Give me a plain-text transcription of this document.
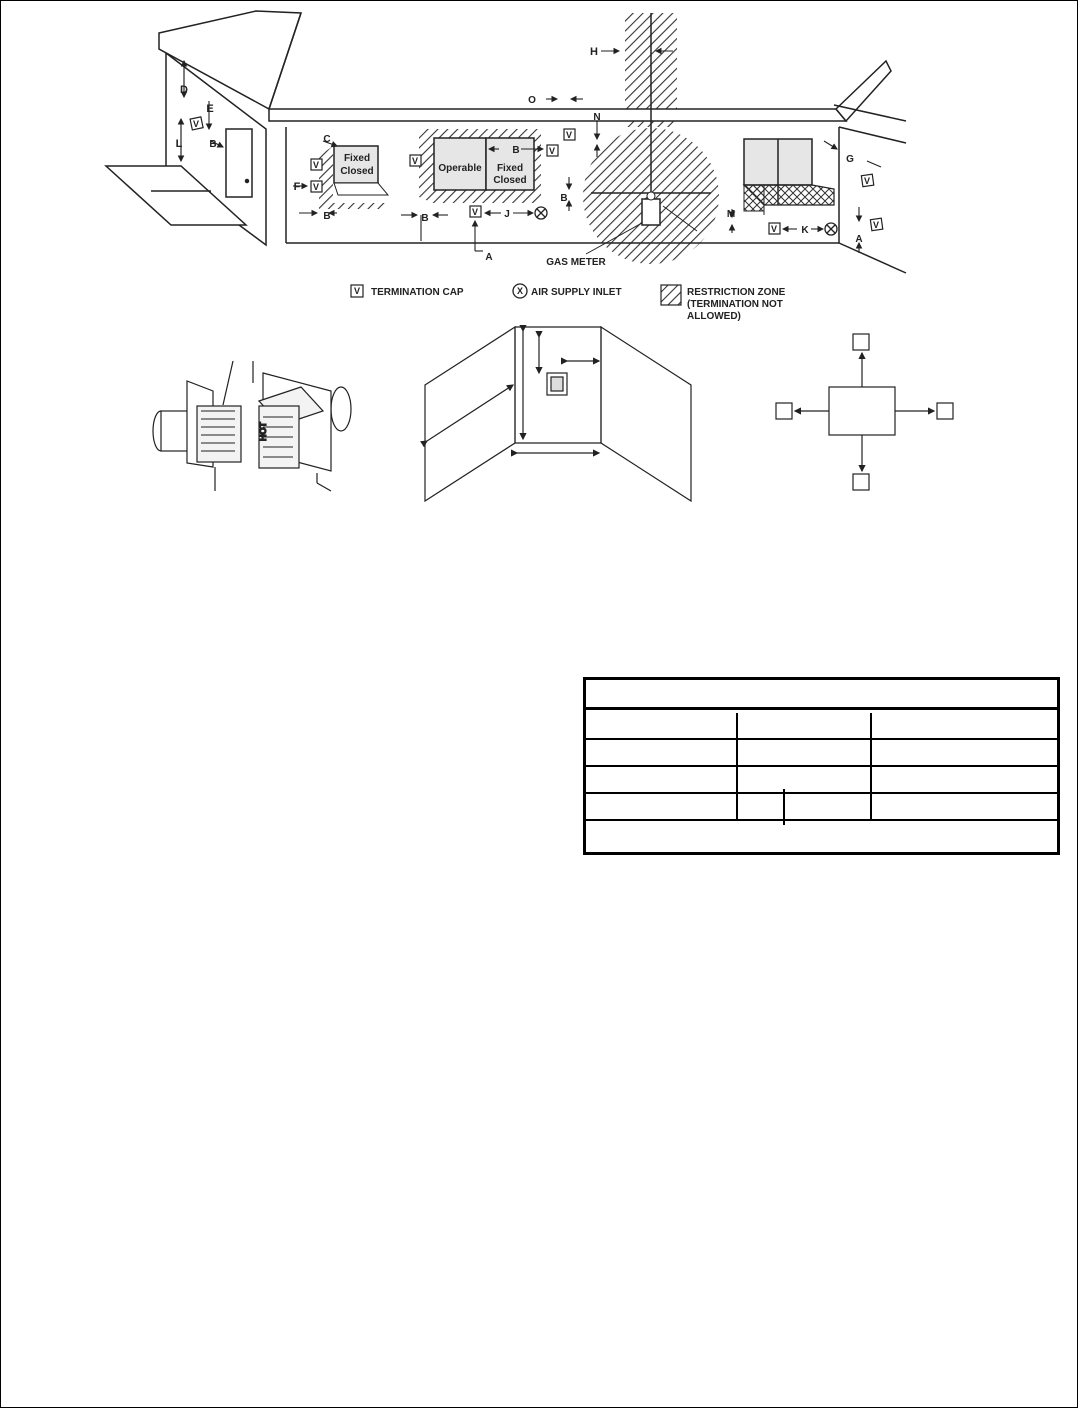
Fixed
Closed	Operable Fixed
Closed
GAS METER
V
V
V
V
V
V
V
V
V
V
D
E
L	B
F
B
C
B
B
J
B
A
O
N
H
M
K
A
G
V TERMINATION CAP	X AIR SUPPLY INLET	RESTRICTION ZONE
(TERMINATION NOT
ALLOWED)
HOT
